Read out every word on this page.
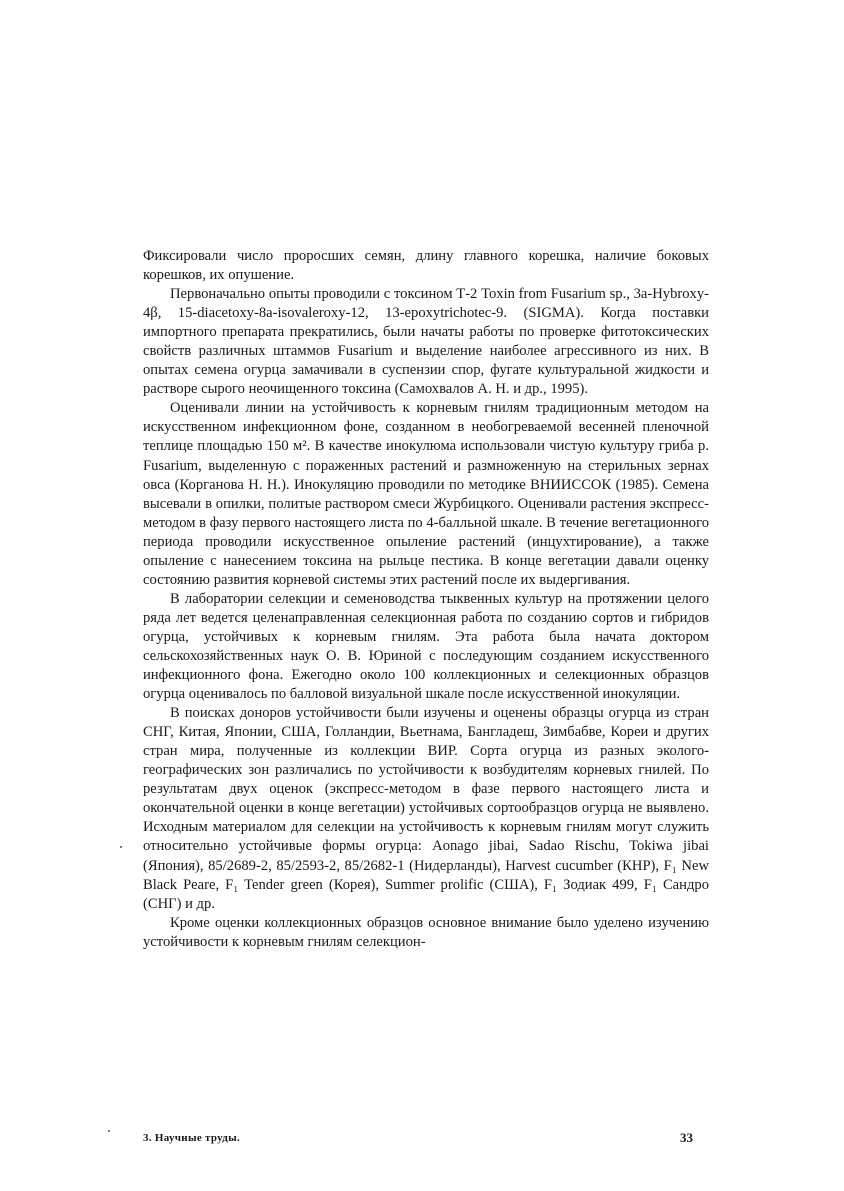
Фиксировали число проросших семян, длину главного корешка, наличие боковых корешков, их опушение.

Первоначально опыты проводили с токсином Т-2 Toxin from Fusarium sp., 3a-Hybroxy-4β, 15-diacetoxy-8a-isovaleroxy-12, 13-epoxytrichotec-9. (SIGMA). Когда поставки импортного препарата прекратились, были начаты работы по проверке фитотоксических свойств различных штаммов Fusarium и выделение наиболее агрессивного из них. В опытах семена огурца замачивали в суспензии спор, фугате культуральной жидкости и растворе сырого неочищенного токсина (Самохвалов А. Н. и др., 1995).

Оценивали линии на устойчивость к корневым гнилям традиционным методом на искусственном инфекционном фоне, созданном в необогреваемой весенней пленочной теплице площадью 150 м². В качестве инокулюма использовали чистую культуру гриба р. Fusarium, выделенную с пораженных растений и размноженную на стерильных зернах овса (Корганова Н. Н.). Инокуляцию проводили по методике ВНИИССОК (1985). Семена высевали в опилки, политые раствором смеси Журбицкого. Оценивали растения экспресс-методом в фазу первого настоящего листа по 4-балльной шкале. В течение вегетационного периода проводили искусственное опыление растений (инцухтирование), а также опыление с нанесением токсина на рыльце пестика. В конце вегетации давали оценку состоянию развития корневой системы этих растений после их выдергивания.

В лаборатории селекции и семеноводства тыквенных культур на протяжении целого ряда лет ведется целенаправленная селекционная работа по созданию сортов и гибридов огурца, устойчивых к корневым гнилям. Эта работа была начата доктором сельскохозяйственных наук О. В. Юриной с последующим созданием искусственного инфекционного фона. Ежегодно около 100 коллекционных и селекционных образцов огурца оценивалось по балловой визуальной шкале после искусственной инокуляции.

В поисках доноров устойчивости были изучены и оценены образцы огурца из стран СНГ, Китая, Японии, США, Голландии, Вьетнама, Бангладеш, Зимбабве, Кореи и других стран мира, полученные из коллекции ВИР. Сорта огурца из разных эколого-географических зон различались по устойчивости к возбудителям корневых гнилей. По результатам двух оценок (экспресс-методом в фазе первого настоящего листа и окончательной оценки в конце вегетации) устойчивых сортообразцов огурца не выявлено. Исходным материалом для селекции на устойчивость к корневым гнилям могут служить относительно устойчивые формы огурца: Aonago jibai, Sadao Rischu, Tokiwa jibai (Япония), 85/2689-2, 85/2593-2, 85/2682-1 (Нидерланды), Harvest cucumber (КНР), F₁ New Black Peare, F₁ Tender green (Корея), Summer prolific (США), F₁ Зодиак 499, F₁ Сандро (СНГ) и др.

Кроме оценки коллекционных образцов основное внимание было уделено изучению устойчивости к корневым гнилям селекцион-

3. Научные труды.	33
